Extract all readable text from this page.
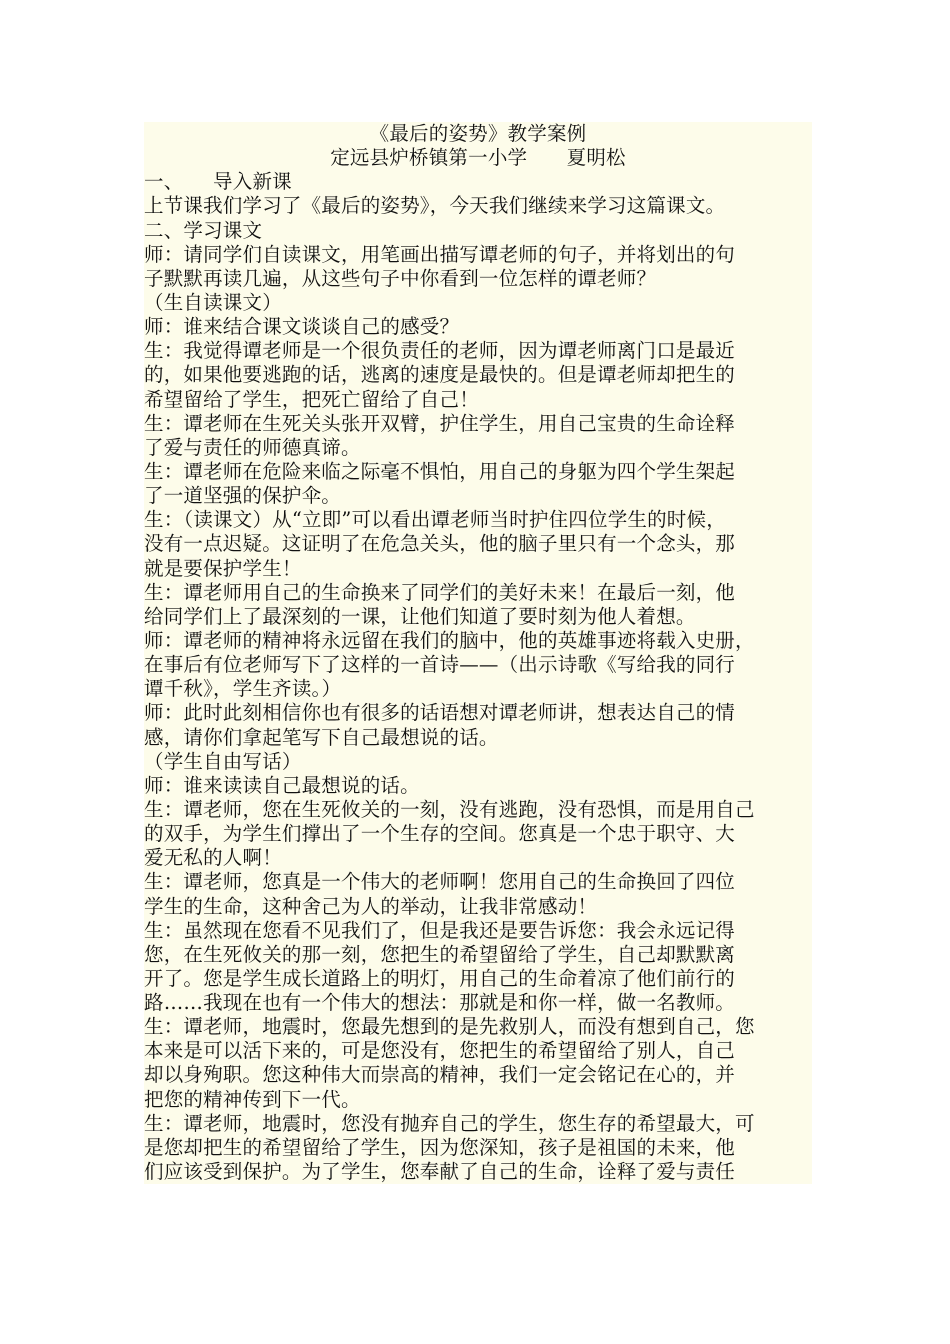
《最后的姿势》教学案例
定远县炉桥镇第一小学　　夏明松
一、　　导入新课
上节课我们学习了《最后的姿势》，今天我们继续来学习这篇课文。
二、学习课文
师：请同学们自读课文，用笔画出描写谭老师的句子，并将划出的句
子默默再读几遍，从这些句子中你看到一位怎样的谭老师？
（生自读课文）
师：谁来结合课文谈谈自己的感受？
生：我觉得谭老师是一个很负责任的老师，因为谭老师离门口是最近
的，如果他要逃跑的话，逃离的速度是最快的。但是谭老师却把生的
希望留给了学生，把死亡留给了自己！
生：谭老师在生死关头张开双臂，护住学生，用自己宝贵的生命诠释
了爱与责任的师德真谛。
生：谭老师在危险来临之际毫不惧怕，用自己的身躯为四个学生架起
了一道坚强的保护伞。
生：（读课文）从“立即”可以看出谭老师当时护住四位学生的时候，
没有一点迟疑。这证明了在危急关头，他的脑子里只有一个念头，那
就是要保护学生！
生：谭老师用自己的生命换来了同学们的美好未来！在最后一刻，他
给同学们上了最深刻的一课，让他们知道了要时刻为他人着想。
师：谭老师的精神将永远留在我们的脑中，他的英雄事迹将载入史册，
在事后有位老师写下了这样的一首诗——（出示诗歌《写给我的同行
谭千秋》，学生齐读。）
师：此时此刻相信你也有很多的话语想对谭老师讲，想表达自己的情
感，请你们拿起笔写下自己最想说的话。
（学生自由写话）
师：谁来读读自己最想说的话。
生：谭老师，您在生死攸关的一刻，没有逃跑，没有恐惧，而是用自己
的双手，为学生们撑出了一个生存的空间。您真是一个忠于职守、大
爱无私的人啊！
生：谭老师，您真是一个伟大的老师啊！您用自己的生命换回了四位
学生的生命，这种舍己为人的举动，让我非常感动！
生：虽然现在您看不见我们了，但是我还是要告诉您：我会永远记得
您，在生死攸关的那一刻，您把生的希望留给了学生，自己却默默离
开了。您是学生成长道路上的明灯，用自己的生命着凉了他们前行的
路……我现在也有一个伟大的想法：那就是和你一样，做一名教师。
生：谭老师，地震时，您最先想到的是先救别人，而没有想到自己，您
本来是可以活下来的，可是您没有，您把生的希望留给了别人，自己
却以身殉职。您这种伟大而崇高的精神，我们一定会铭记在心的，并
把您的精神传到下一代。
生：谭老师，地震时，您没有抛弃自己的学生，您生存的希望最大，可
是您却把生的希望留给了学生，因为您深知，孩子是祖国的未来，他
们应该受到保护。为了学生，您奉献了自己的生命，诠释了爱与责任
